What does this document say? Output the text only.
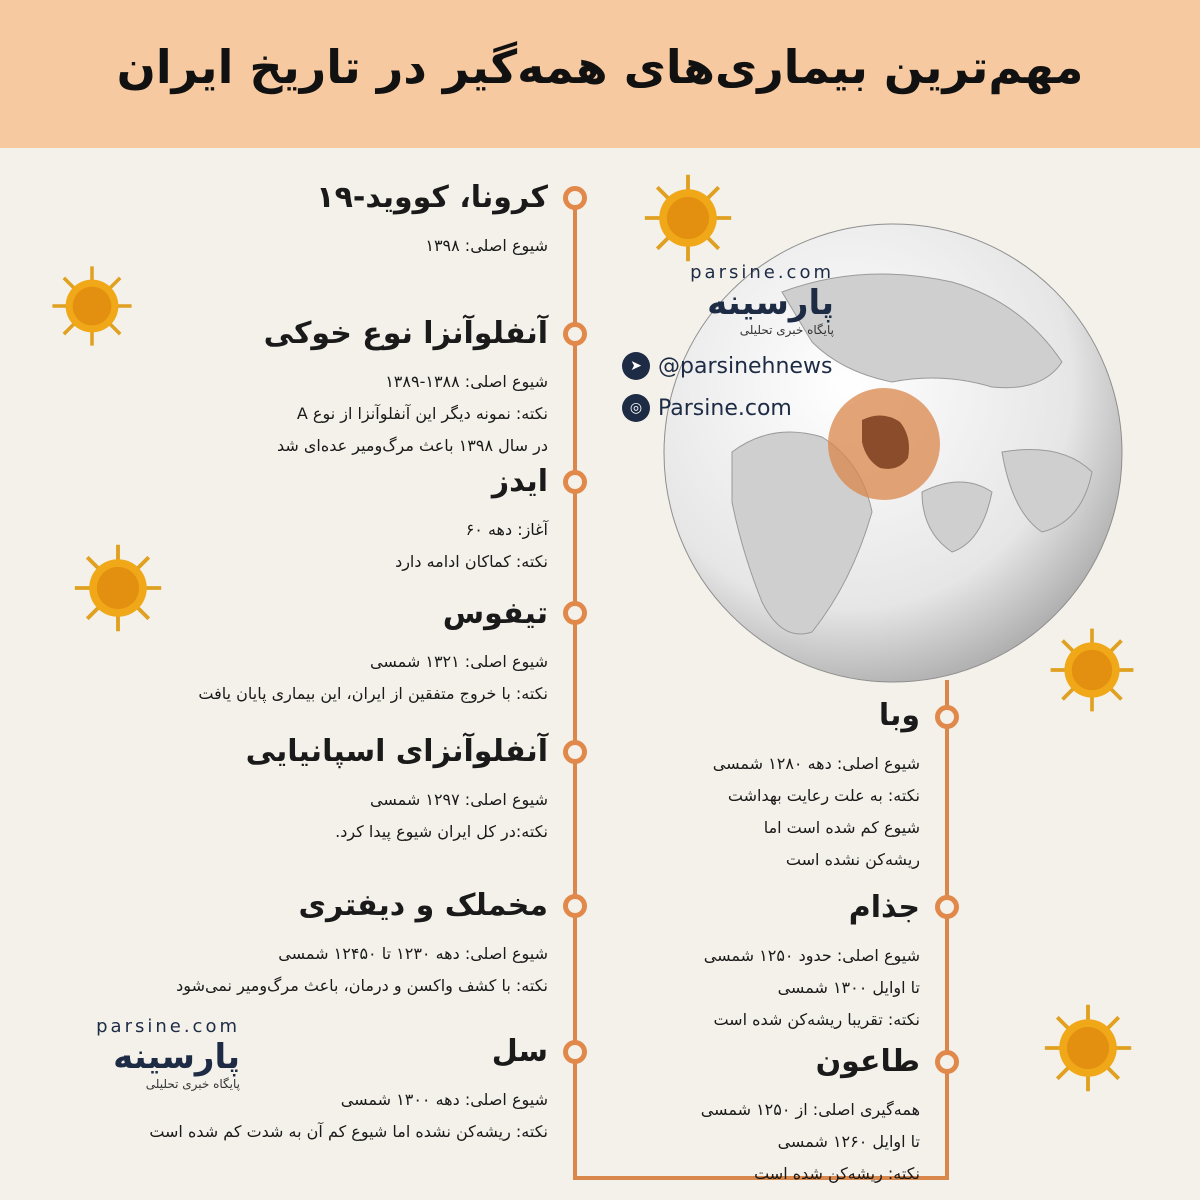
مهم‌ترین بیماری‌های همه‌گیر در تاریخ ایران
کرونا، کووید-۱۹
شیوع اصلی: ۱۳۹۸
آنفلوآنزا نوع خوکی
شیوع اصلی: ۱۳۸۸-۱۳۸۹
نکته: نمونه دیگر این آنفلوآنزا از نوع A
در سال ۱۳۹۸ باعث مرگ‌ومیر عده‌ای شد
ایدز
آغاز: دهه ۶۰
نکته: کماکان ادامه دارد
تیفوس
شیوع اصلی: ۱۳۲۱ شمسی
نکته: با خروج متفقین از ایران، این بیماری پایان یافت
آنفلوآنزای اسپانیایی
شیوع اصلی: ۱۲۹۷ شمسی
نکته:در کل ایران شیوع پیدا کرد.
مخملک و دیفتری
شیوع اصلی: دهه ۱۲۳۰ تا ۱۲۴۵۰ شمسی
نکته: با کشف واکسن و درمان، باعث مرگ‌ومیر نمی‌شود
سل
شیوع اصلی: دهه ۱۳۰۰ شمسی
نکته: ریشه‌کن نشده اما شیوع کم آن به شدت کم شده است
وبا
شیوع اصلی: دهه ۱۲۸۰ شمسی
نکته: به علت رعایت بهداشت
شیوع کم شده است اما
ریشه‌کن نشده است
جذام
شیوع اصلی: حدود ۱۲۵۰ شمسی
تا اوایل ۱۳۰۰ شمسی
نکته: تقریبا ریشه‌کن شده است
طاعون
همه‌گیری اصلی: از ۱۲۵۰ شمسی
تا اوایل ۱۲۶۰ شمسی
نکته: ریشه‌کن شده است
parsine.com
پارسینه
پایگاه خبری تحلیلی
➤ @parsinehnews
◎ Parsine.com
parsine.com
پارسینه
پایگاه خبری تحلیلی
